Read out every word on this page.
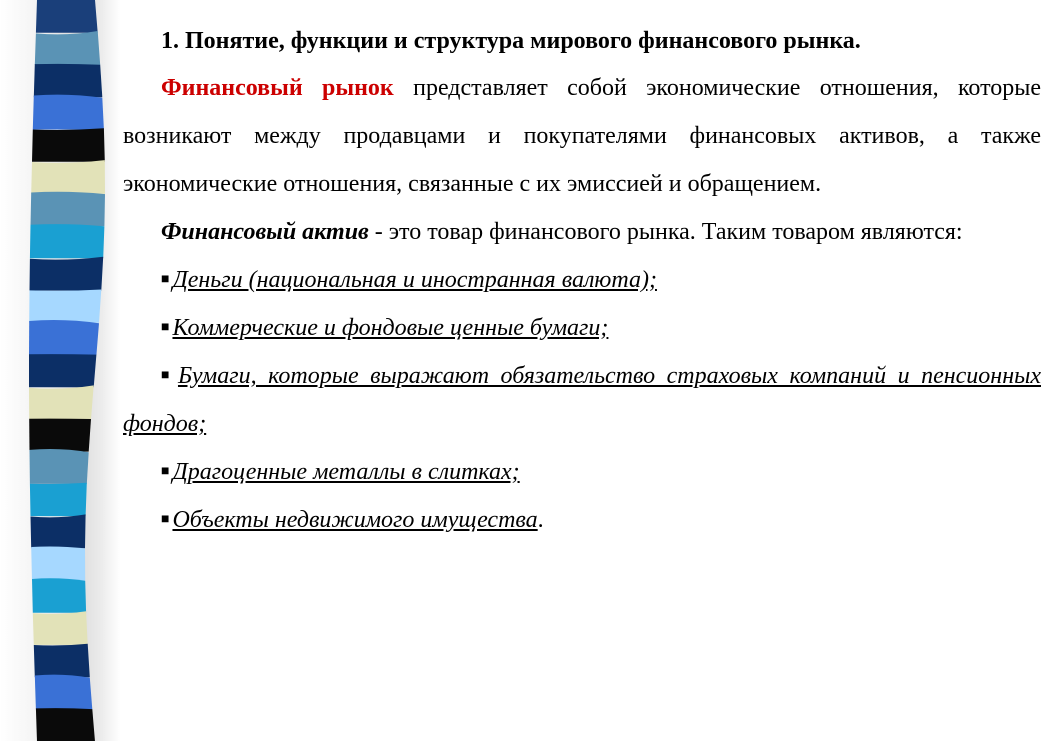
1. Понятие, функции и структура мирового финансового рынка.

Финансовый рынок представляет собой экономические отношения, которые возникают между продавцами и покупателями финансовых активов, а также экономические отношения, связанные с их эмиссией и обращением.

Финансовый актив - это товар финансового рынка. Таким товаром являются:

■ Деньги (национальная и иностранная валюта);

■ Коммерческие и фондовые ценные бумаги;

■ Бумаги, которые выражают обязательство страховых компаний и пенсионных фондов;

■ Драгоценные металлы в слитках;

■ Объекты недвижимого имущества.
